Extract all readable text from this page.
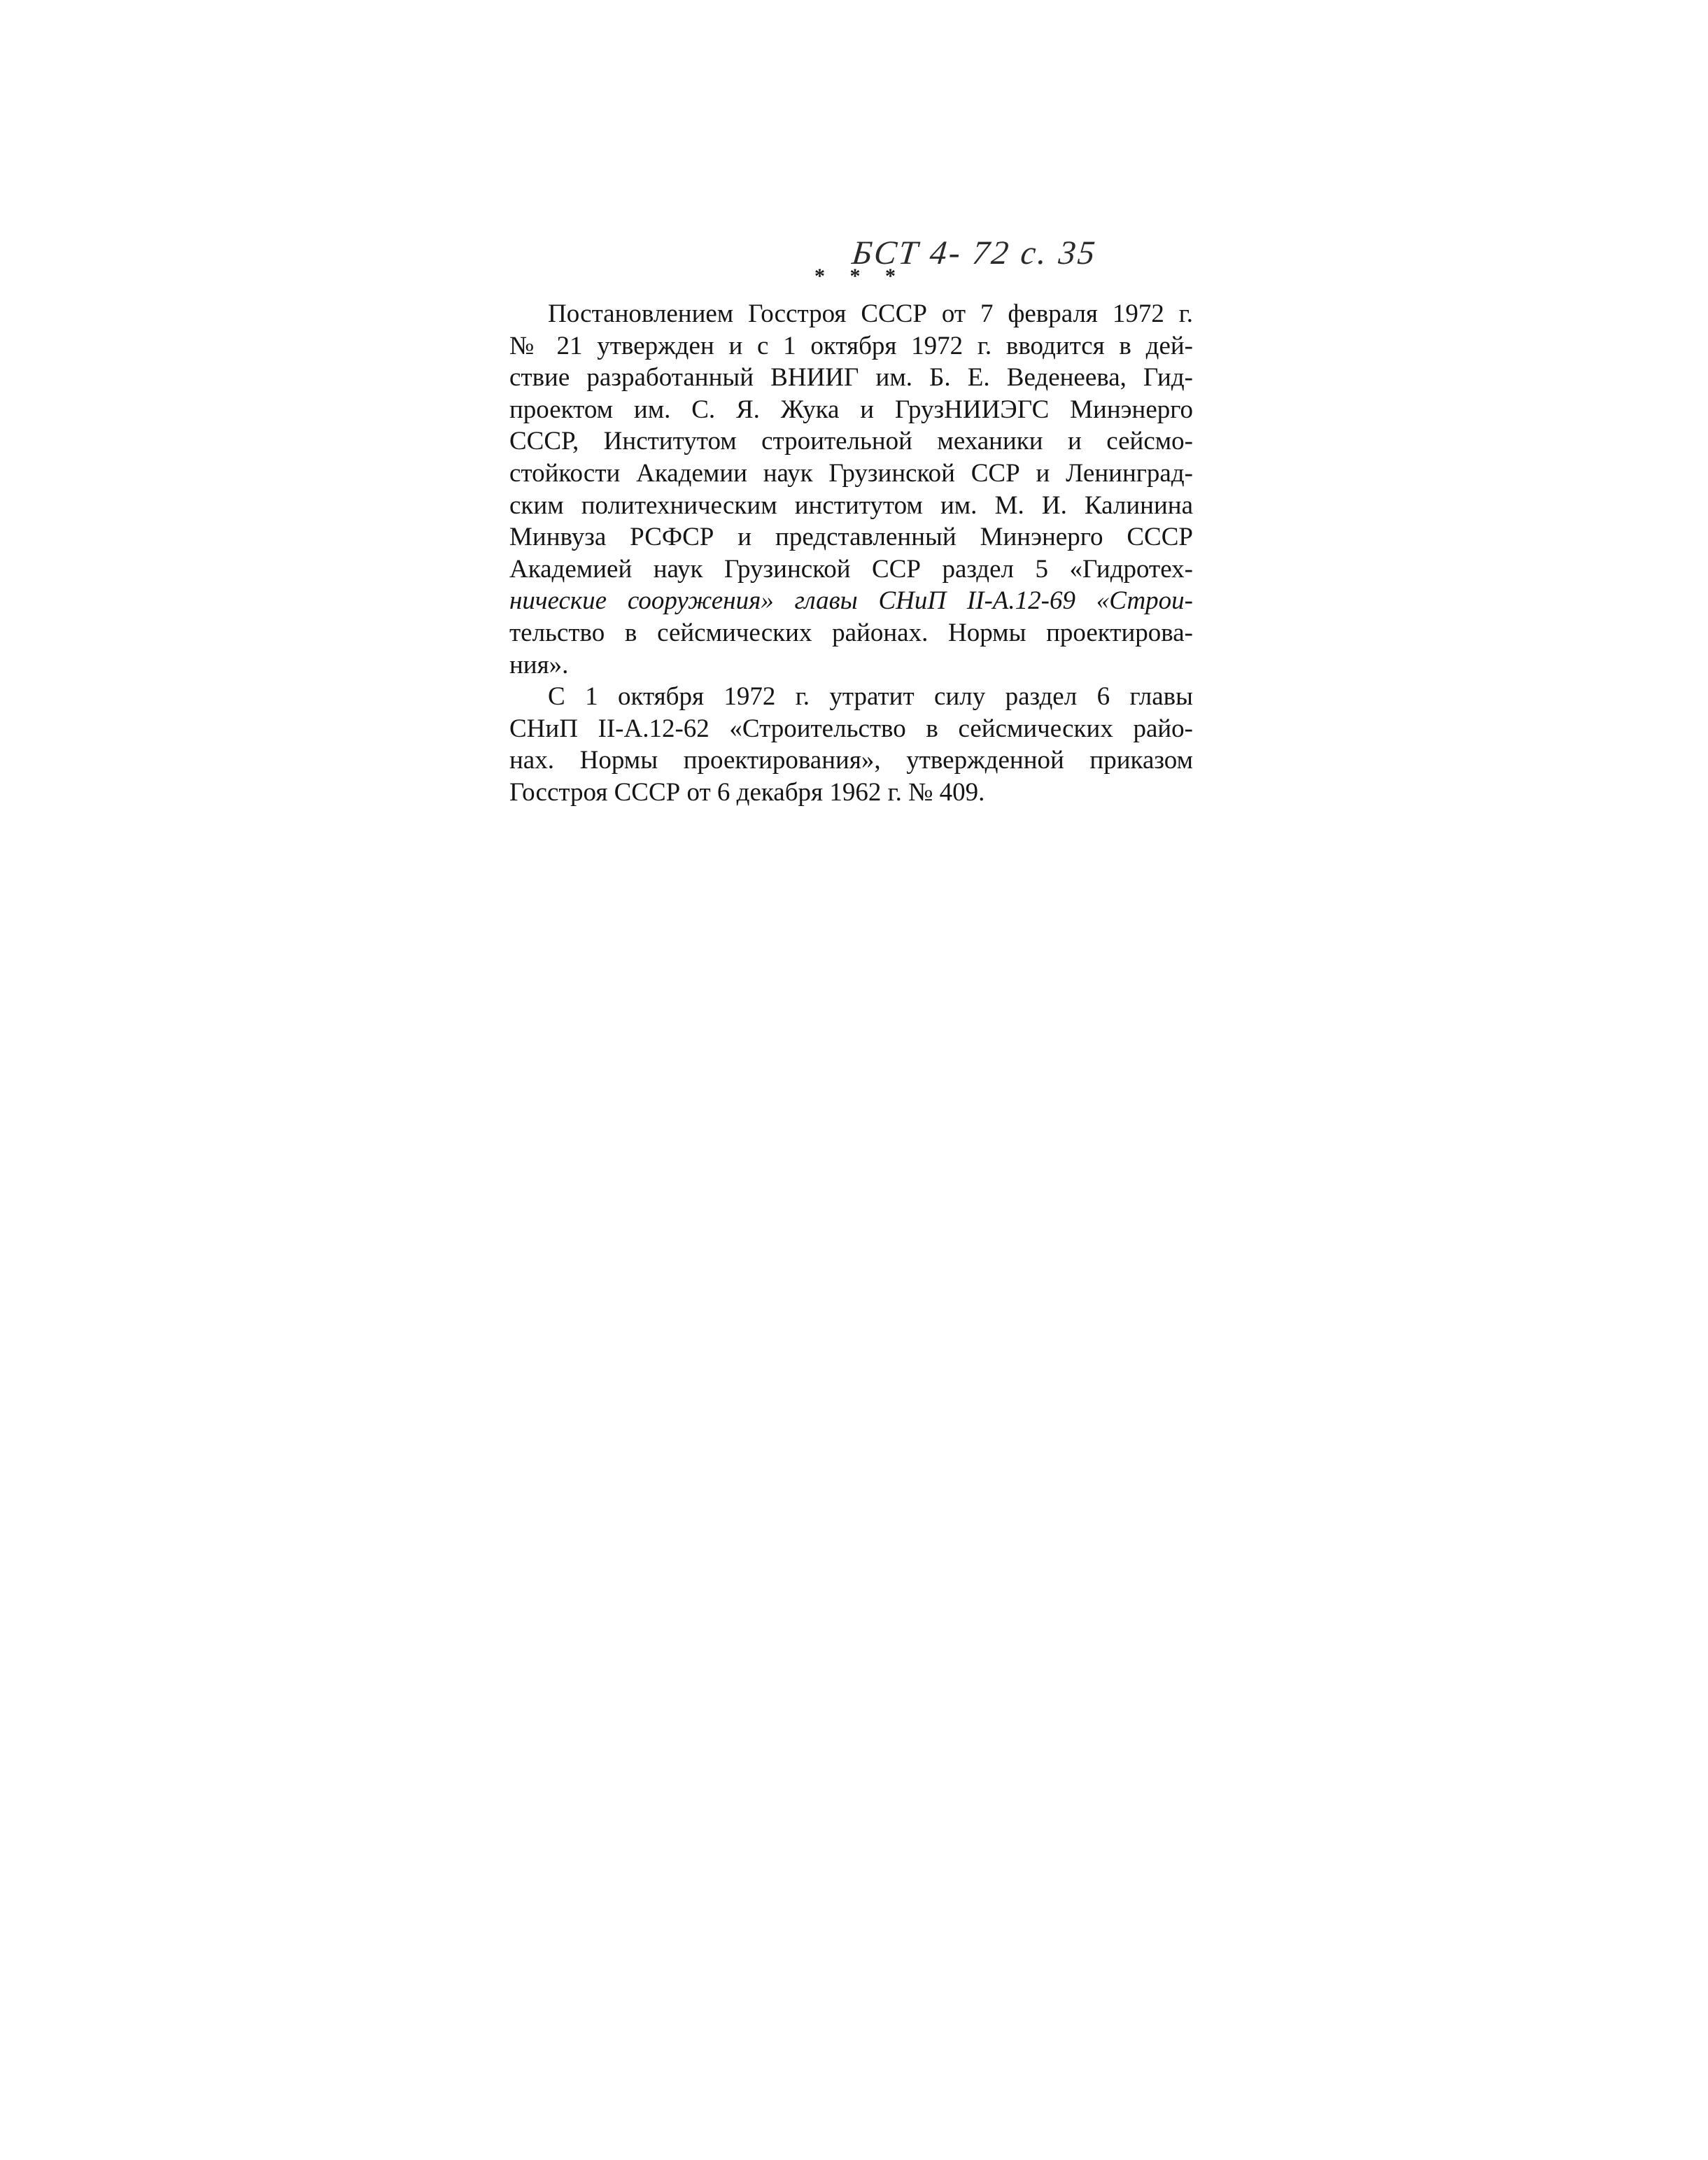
БСТ 4- 72 с. 35
* * *
Постановлением Госстроя СССР от 7 февраля 1972 г.
№ 21 утвержден и с 1 октября 1972 г. вводится в дей-
ствие разработанный ВНИИГ им. Б. Е. Веденеева, Гид-
проектом им. С. Я. Жука и ГрузНИИЭГС Минэнерго
СССР, Институтом строительной механики и сейсмо-
стойкости Академии наук Грузинской ССР и Ленинград-
ским политехническим институтом им. М. И. Калинина
Минвуза РСФСР и представленный Минэнерго СССР
Академией наук Грузинской ССР раздел 5 «Гидротех-
нические сооружения» главы СНиП II-А.12-69 «Строи-
тельство в сейсмических районах. Нормы проектирова-
ния».
С 1 октября 1972 г. утратит силу раздел 6 главы
СНиП II-А.12-62 «Строительство в сейсмических райо-
нах. Нормы проектирования», утвержденной приказом
Госстроя СССР от 6 декабря 1962 г. № 409.
